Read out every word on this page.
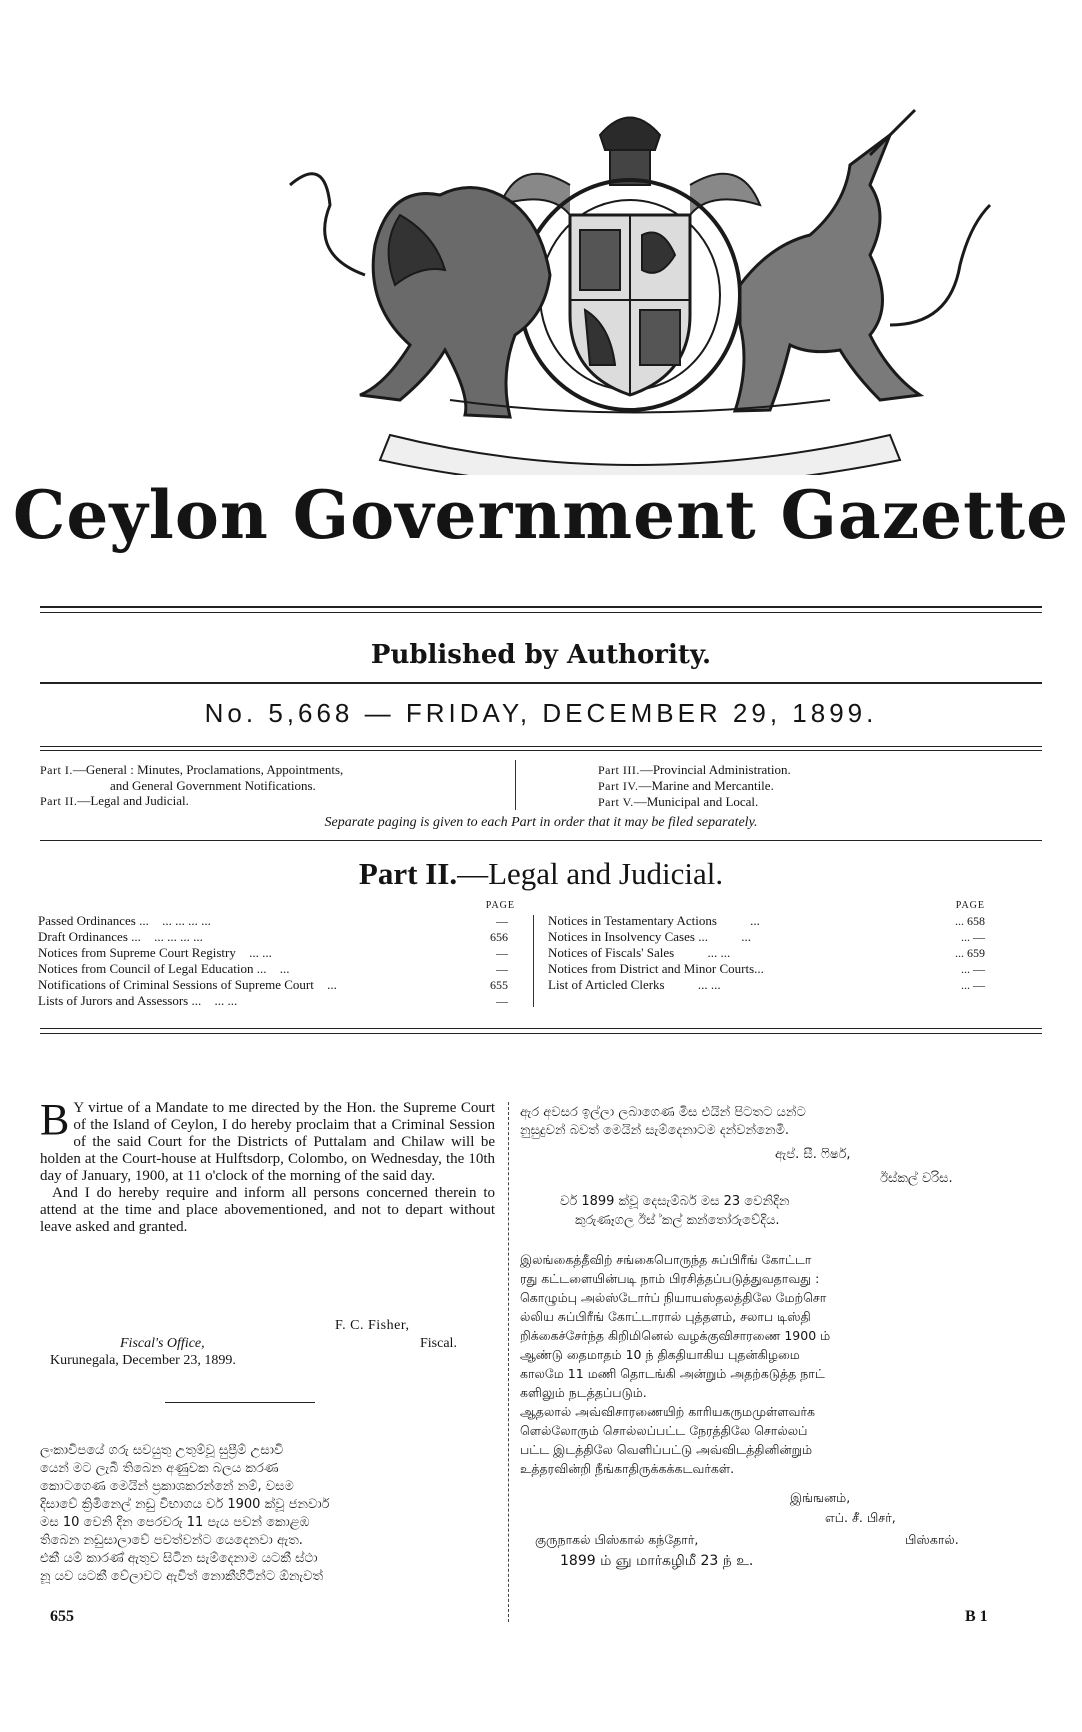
Ceylon Government Gazette
Published by Authority.
No. 5,668 — FRIDAY, DECEMBER 29, 1899.
Part I.—General : Minutes, Proclamations, Appointments,
and General Government Notifications.
Part II.—Legal and Judicial.
Part III.—Provincial Administration.
Part IV.—Marine and Mercantile.
Part V.—Municipal and Local.
Separate paging is given to each Part in order that it may be filed separately.
Part II.—Legal and Judicial.
PAGE	PAGE
Passed Ordinances ... ... ... ... ...	—
Draft Ordinances ... ... ... ... ...	656
Notices from Supreme Court Registry ... ...	—
Notices from Council of Legal Education ... ...	—
Notifications of Criminal Sessions of Supreme Court ...	655
Lists of Jurors and Assessors ... ... ...	—
Notices in Testamentary Actions	...	... 658
Notices in Insolvency Cases ...	...	... —
Notices of Fiscals' Sales	... ...	... 659
Notices from District and Minor Courts...	... —
List of Articled Clerks	... ...	... —

B Y virtue of a Mandate to me directed by the Hon. the Supreme Court of the Island of Ceylon, I do hereby proclaim that a Criminal Session of the said Court for the Districts of Puttalam and Chilaw will be holden at the Court-house at Hulftsdorp, Colombo, on Wednesday, the 10th day of January, 1900, at 11 o'clock of the morning of the said day.

And I do hereby require and inform all persons concerned therein to attend at the time and place abovementioned, and not to depart without leave asked and granted.

F. C. Fisher,
Fiscal's Office,	Fiscal.
Kurunegala, December 23, 1899.
ලංකාවිපයේ ගරු සවයුතු උතුම්වූ සුප්‍රීම් උසාවි
යෙන් මට ලැබී තිබෙන අණුවක බලය කරණ
කොටගෙණ මෙයින් ප්‍රකාශකරන්නේ නම්, වසම
දිසාවේ ක්‍රිමිනෙල් නඩු විභාගය වර් 1900 ක්වූ ජනවාර්
මස 10 වෙනි දින පෙරවරු 11 පැය පවන් කොළඹ
තිබෙන නඩුසාලාවේ පවත්වන්ට යෙදෙනවා ඇත.
එකී යම් කාරණ් ඇතුව සිටින සැම්දෙනාම යටකී ස්ථා
නූ යව යටකී වේලාවට ඇවිත් නොකීහිටින්ට ඕනැවත්
ඇර අවසර ඉල්ලා ලබාගෙණ මිස එයින් පිටතට යන්ට
නුසුදුවන් බවත් මෙයින් සැම්දෙනාටම දන්වන්නෙමි.
ඇප්. සී. ෆිෂර්,
ඊස්කල් වරිස.
වර් 1899 ක්වූ දෙසැම්බර් මස 23 වෙනිදින
කුරුණෑගල ඊස් ්කල් කන්තෝරුවේදිය.
இலங்கைத்தீவிற் சங்கைபொருந்த சுப்பிரீங் கோட்டா
ரது கட்டளையின்படி நாம் பிரசித்தப்படுத்துவதாவது :
கொழும்பு அல்ஸ்டோர்ப் நியாயஸ்தலத்திலே மேற்சொ
ல்லிய சுப்பிரீங் கோட்டாரால் புத்தளம், சலாப டிஸ்தி
றிக்கைச்சேர்ந்த கிறிமினெல் வழக்குவிசாரணை 1900 ம்
ஆண்டு தைமாதம் 10 ந் திகதியாகிய புதன்கிழமை
காலமே 11 மணி தொடங்கி அன்றும் அதற்கடுத்த நாட்
களிலும் நடத்தப்படும்.
ஆதலால் அவ்விசாரணையிற் காரியகருமமுள்ளவர்க
ளெல்லோரும் சொல்லப்பட்ட நேரத்திலே சொல்லப்
பட்ட இடத்திலே வெளிப்பட்டு அவ்விடத்தினின்றும்
உத்தரவின்றி நீங்காதிருக்கக்கடவர்கள்.
இங்ஙனம்,
எப். சீ. பிசர்,
குருநாகல் பிஸ்கால் கந்தோர்,	பிஸ்கால்.
1899 ம் ஞு மார்கழிமீ 23 ந் உ.
655	B 1
